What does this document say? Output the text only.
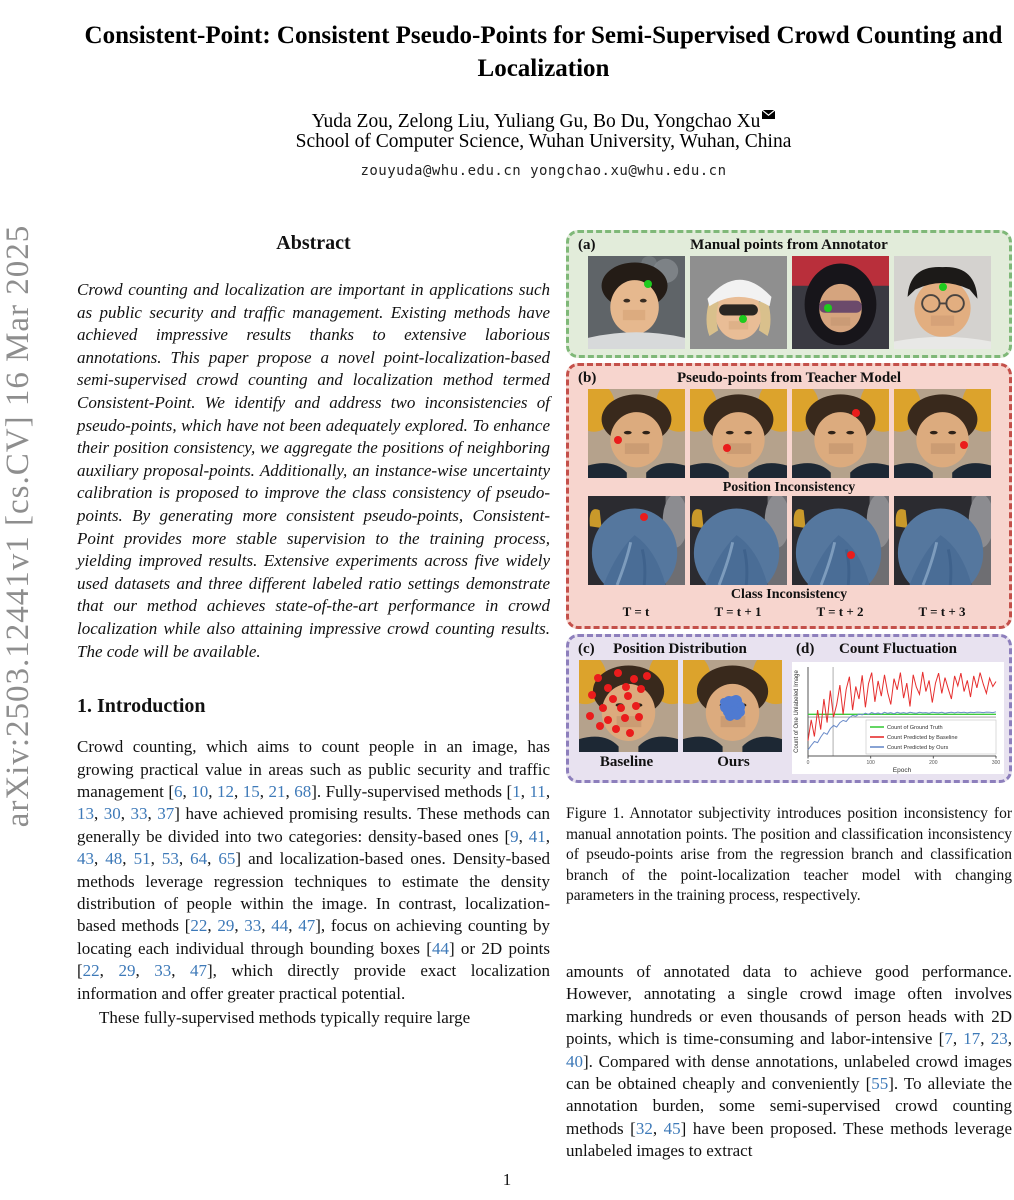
arXiv:2503.12441v1 [cs.CV] 16 Mar 2025
Consistent-Point: Consistent Pseudo-Points for Semi-Supervised Crowd Counting and Localization
Yuda Zou, Zelong Liu, Yuliang Gu, Bo Du, Yongchao Xu
School of Computer Science, Wuhan University, Wuhan, China
zouyuda@whu.edu.cn yongchao.xu@whu.edu.cn
Abstract

Crowd counting and localization are important in applications such as public security and traffic management. Existing methods have achieved impressive results thanks to extensive laborious annotations. This paper propose a novel point-localization-based semi-supervised crowd counting and localization method termed Consistent-Point. We identify and address two inconsistencies of pseudo-points, which have not been adequately explored. To enhance their position consistency, we aggregate the positions of neighboring auxiliary proposal-points. Additionally, an instance-wise uncertainty calibration is proposed to improve the class consistency of pseudo-points. By generating more consistent pseudo-points, Consistent-Point provides more stable supervision to the training process, yielding improved results. Extensive experiments across five widely used datasets and three different labeled ratio settings demonstrate that our method achieves state-of-the-art performance in crowd localization while also attaining impressive crowd counting results. The code will be available.

1. Introduction

Crowd counting, which aims to count people in an image, has growing practical value in areas such as public security and traffic management [6, 10, 12, 15, 21, 68]. Fully-supervised methods [1, 11, 13, 30, 33, 37] have achieved promising results. These methods can generally be divided into two categories: density-based ones [9, 41, 43, 48, 51, 53, 64, 65] and localization-based ones. Density-based methods leverage regression techniques to estimate the density distribution of people within the image. In contrast, localization-based methods [22, 29, 33, 44, 47], focus on achieving counting by locating each individual through bounding boxes [44] or 2D points [22, 29, 33, 47], which directly provide exact localization information and offer greater practical potential.

These fully-supervised methods typically require large

(a)	Manual points from Annotator
(b)	Pseudo-points from Teacher Model
Position Inconsistency
Class Inconsistency
T = t	T = t + 1	T = t + 2	T = t + 3
(c) Position Distribution
Baseline	Ours
(d) Count Fluctuation
0	100	200	300
Count of Ground Truth
Count Predicted by Baseline
Count Predicted by Ours
Epoch
Count of One Unlabeled Image
Figure 1. Annotator subjectivity introduces position inconsistency for manual annotation points. The position and classification inconsistency of pseudo-points arise from the regression branch and classification branch of the point-localization teacher model with changing parameters in the training process, respectively.

amounts of annotated data to achieve good performance. However, annotating a single crowd image often involves marking hundreds or even thousands of person heads with 2D points, which is time-consuming and labor-intensive [7, 17, 23, 40]. Compared with dense annotations, unlabeled crowd images can be obtained cheaply and conveniently [55]. To alleviate the annotation burden, some semi-supervised crowd counting methods [32, 45] have been proposed. These methods leverage unlabeled images to extract

1
